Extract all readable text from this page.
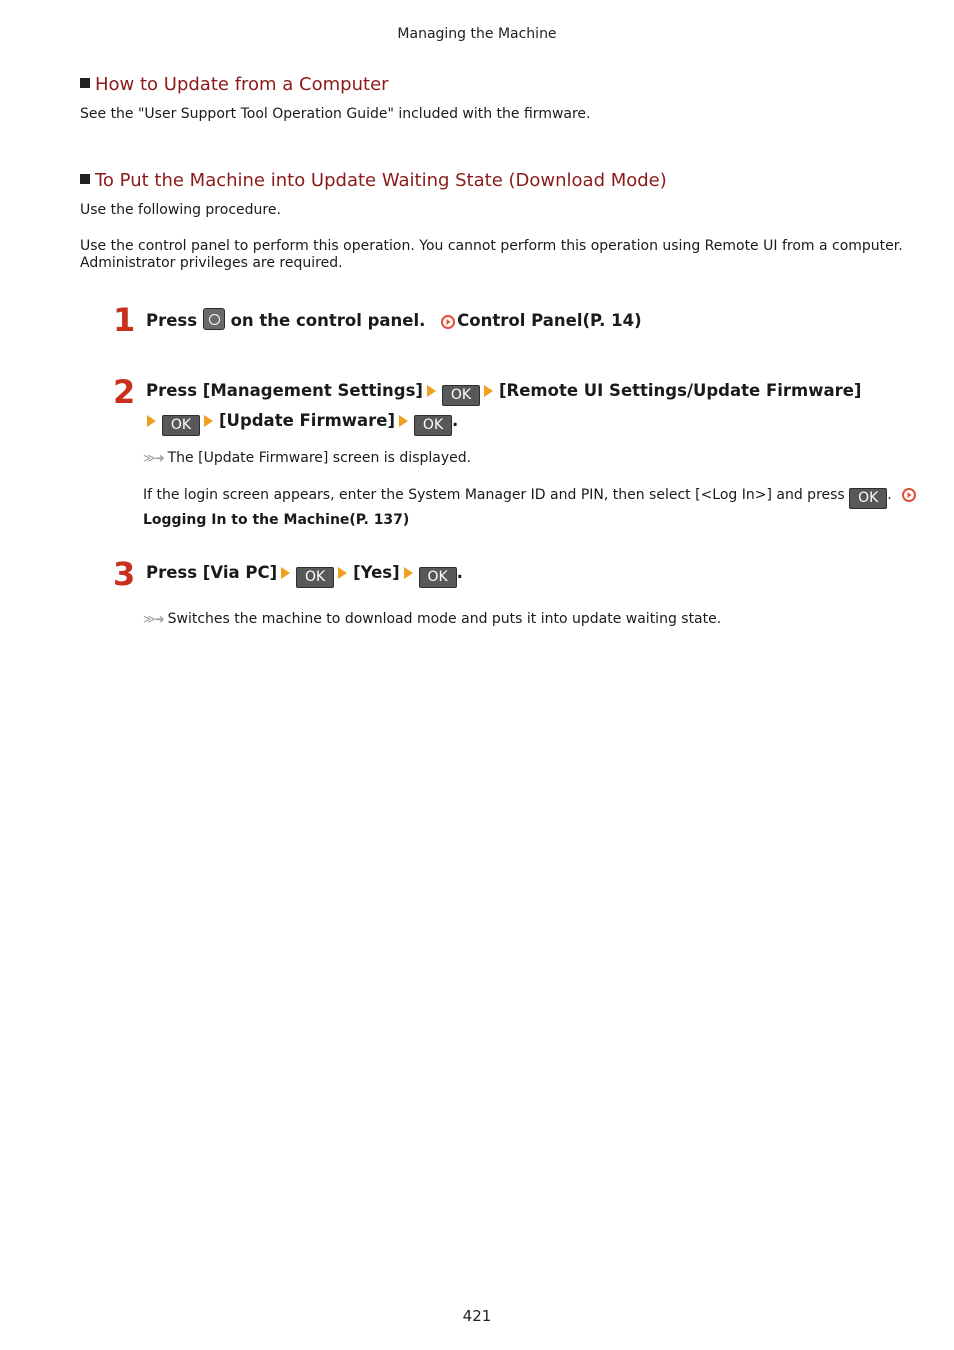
Managing the Machine
How to Update from a Computer
See the "User Support Tool Operation Guide" included with the firmware.
To Put the Machine into Update Waiting State (Download Mode)
Use the following procedure.
Use the control panel to perform this operation. You cannot perform this operation using Remote UI from a computer.
Administrator privileges are required.
1 Press on the control panel. Control Panel(P. 14)
2 Press [Management Settings] OK [Remote UI Settings/Update Firmware]
OK [Update Firmware] OK .
≫➜ The [Update Firmware] screen is displayed.
If the login screen appears, enter the System Manager ID and PIN, then select [<Log In>] and press OK .
Logging In to the Machine(P. 137)
3 Press [Via PC] OK [Yes] OK .
≫➜ Switches the machine to download mode and puts it into update waiting state.
421
